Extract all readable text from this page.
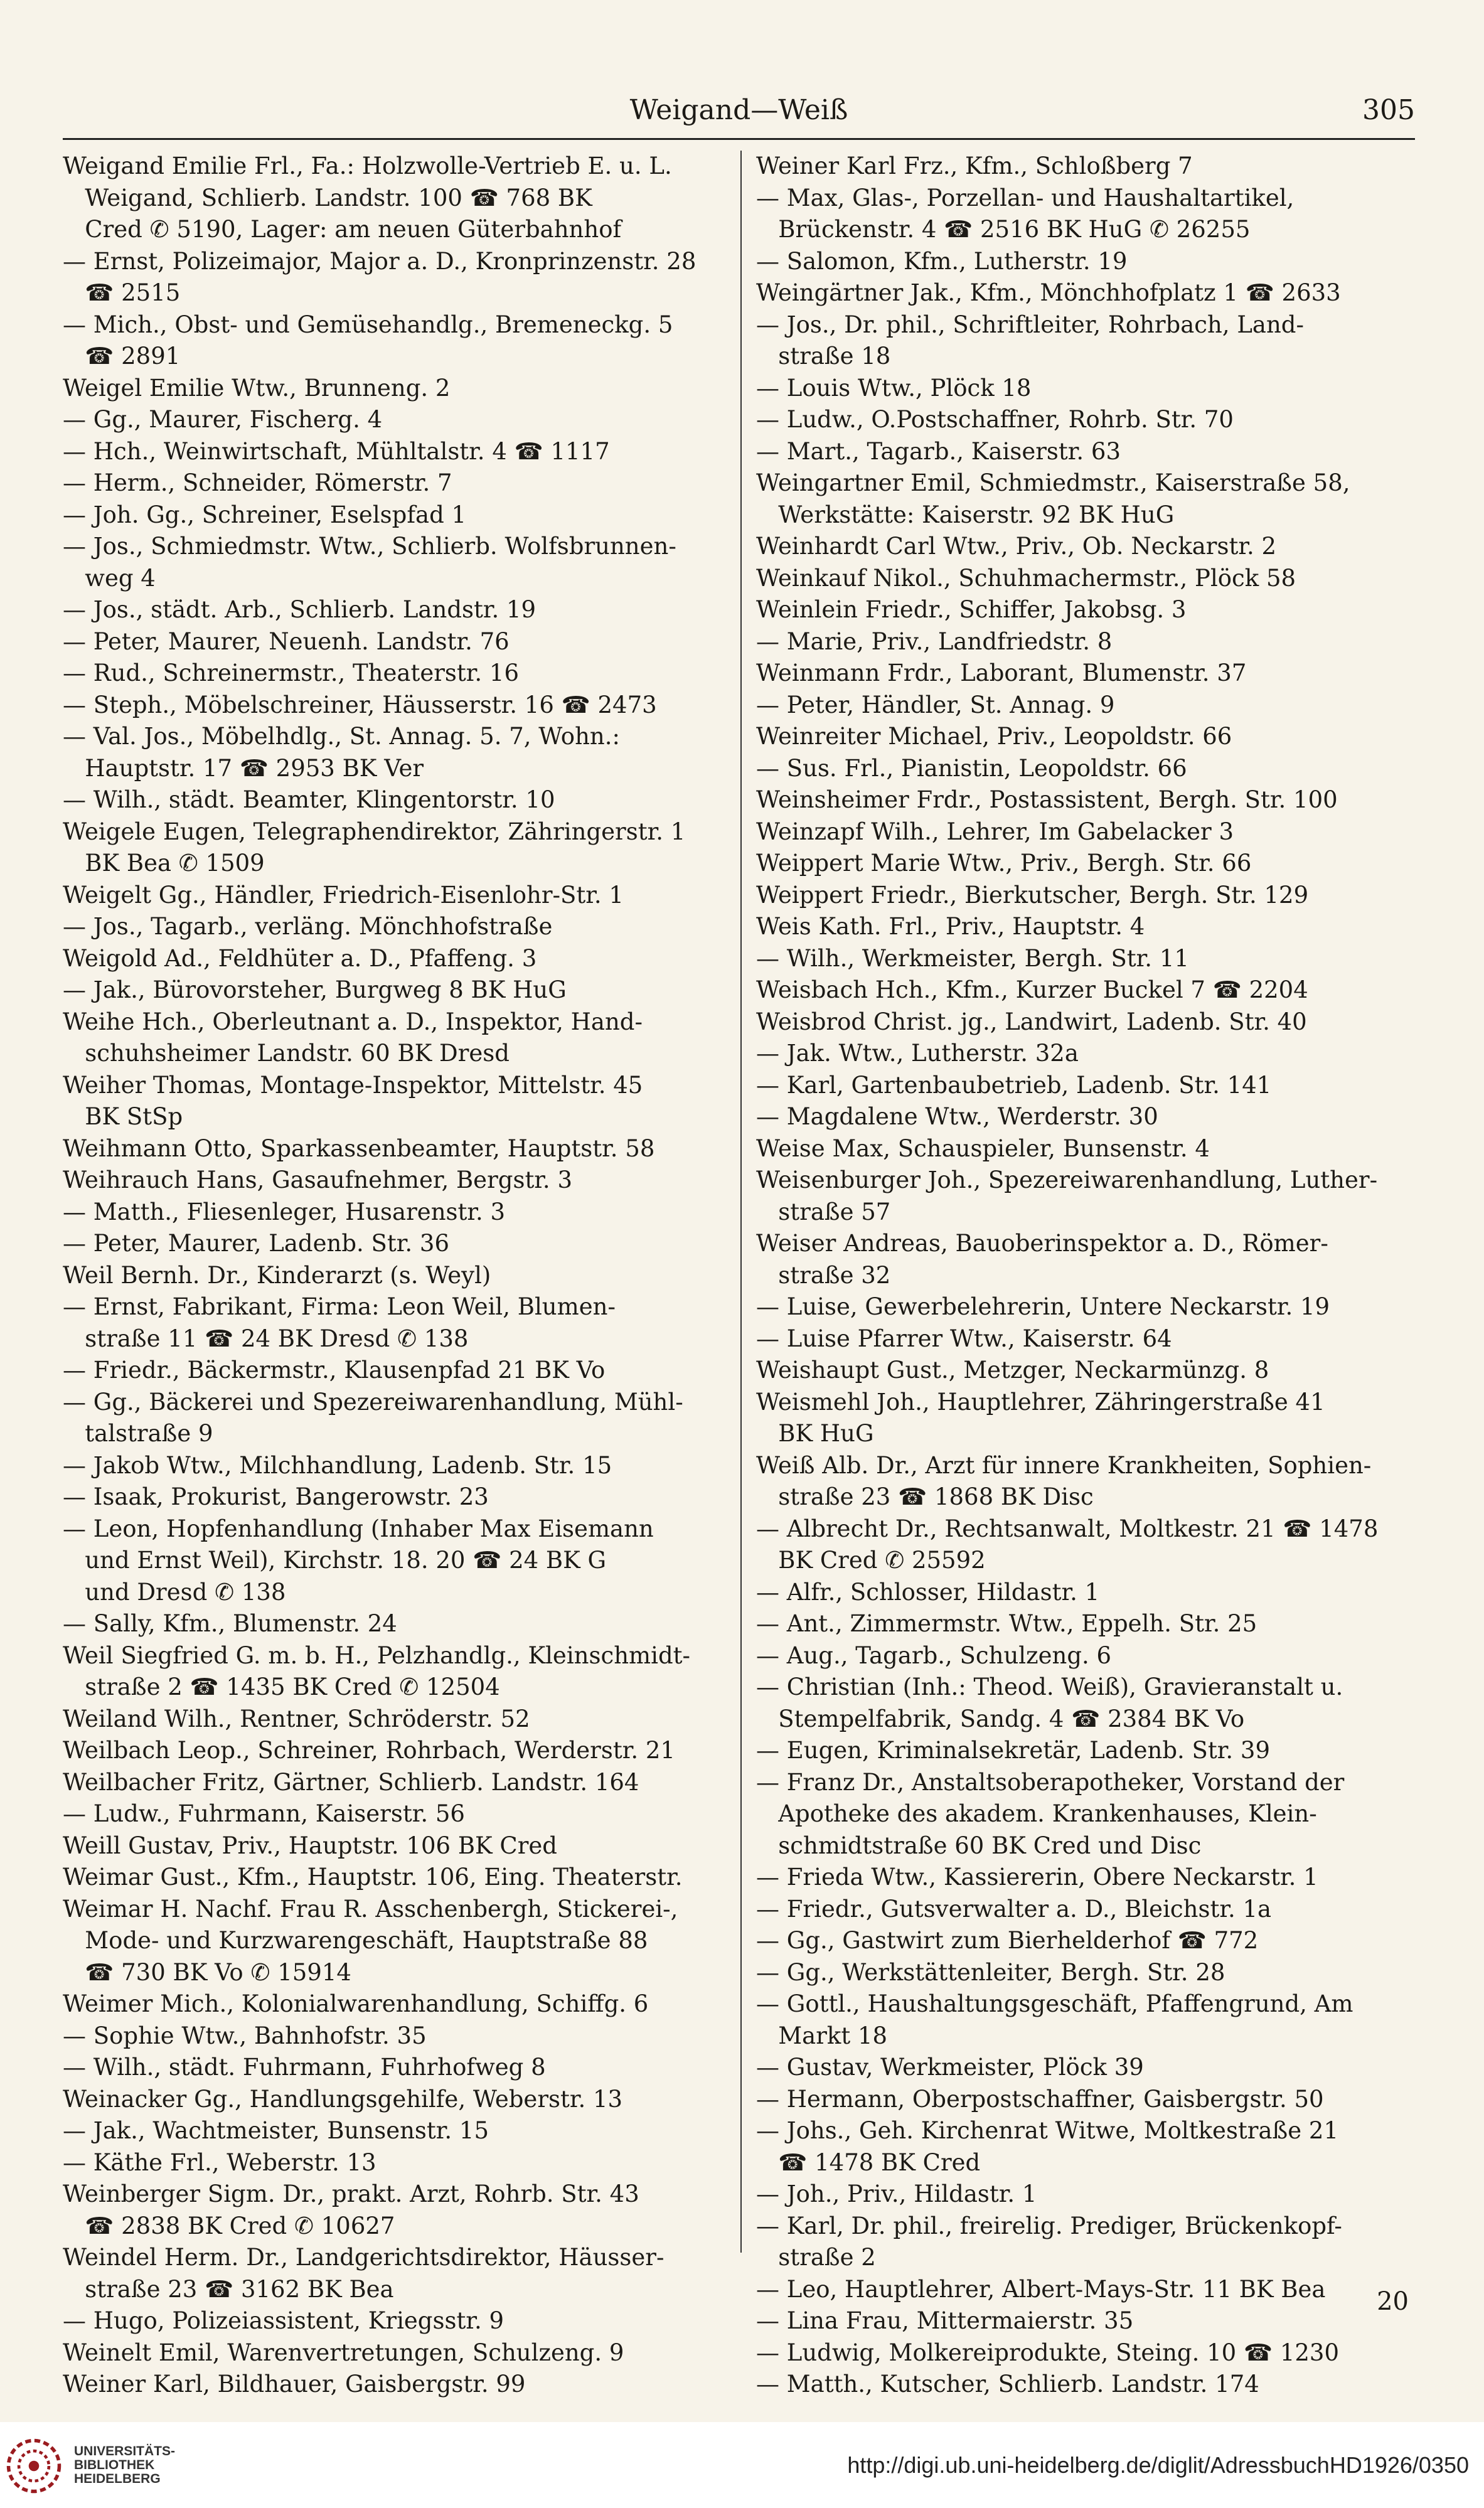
Weigand—Weiß	305
Weigand Emilie Frl., Fa.: Holzwolle-Vertrieb E. u. L.
Weigand, Schlierb. Landstr. 100 ☎ 768 BK
Cred ✆ 5190, Lager: am neuen Güterbahnhof
— Ernst, Polizeimajor, Major a. D., Kronprinzenstr. 28
☎ 2515
— Mich., Obst- und Gemüsehandlg., Bremeneckg. 5
☎ 2891
Weigel Emilie Wtw., Brunneng. 2
— Gg., Maurer, Fischerg. 4
— Hch., Weinwirtschaft, Mühltalstr. 4 ☎ 1117
— Herm., Schneider, Römerstr. 7
— Joh. Gg., Schreiner, Eselspfad 1
— Jos., Schmiedmstr. Wtw., Schlierb. Wolfsbrunnen-
weg 4
— Jos., städt. Arb., Schlierb. Landstr. 19
— Peter, Maurer, Neuenh. Landstr. 76
— Rud., Schreinermstr., Theaterstr. 16
— Steph., Möbelschreiner, Häusserstr. 16 ☎ 2473
— Val. Jos., Möbelhdlg., St. Annag. 5. 7, Wohn.:
Hauptstr. 17 ☎ 2953 BK Ver
— Wilh., städt. Beamter, Klingentorstr. 10
Weigele Eugen, Telegraphendirektor, Zähringerstr. 1
BK Bea ✆ 1509
Weigelt Gg., Händler, Friedrich-Eisenlohr-Str. 1
— Jos., Tagarb., verläng. Mönchhofstraße
Weigold Ad., Feldhüter a. D., Pfaffeng. 3
— Jak., Bürovorsteher, Burgweg 8 BK HuG
Weihe Hch., Oberleutnant a. D., Inspektor, Hand-
schuhsheimer Landstr. 60 BK Dresd
Weiher Thomas, Montage-Inspektor, Mittelstr. 45
BK StSp
Weihmann Otto, Sparkassenbeamter, Hauptstr. 58
Weihrauch Hans, Gasaufnehmer, Bergstr. 3
— Matth., Fliesenleger, Husarenstr. 3
— Peter, Maurer, Ladenb. Str. 36
Weil Bernh. Dr., Kinderarzt (s. Weyl)
— Ernst, Fabrikant, Firma: Leon Weil, Blumen-
straße 11 ☎ 24 BK Dresd ✆ 138
— Friedr., Bäckermstr., Klausenpfad 21 BK Vo
— Gg., Bäckerei und Spezereiwarenhandlung, Mühl-
talstraße 9
— Jakob Wtw., Milchhandlung, Ladenb. Str. 15
— Isaak, Prokurist, Bangerowstr. 23
— Leon, Hopfenhandlung (Inhaber Max Eisemann
und Ernst Weil), Kirchstr. 18. 20 ☎ 24 BK G
und Dresd ✆ 138
— Sally, Kfm., Blumenstr. 24
Weil Siegfried G. m. b. H., Pelzhandlg., Kleinschmidt-
straße 2 ☎ 1435 BK Cred ✆ 12504
Weiland Wilh., Rentner, Schröderstr. 52
Weilbach Leop., Schreiner, Rohrbach, Werderstr. 21
Weilbacher Fritz, Gärtner, Schlierb. Landstr. 164
— Ludw., Fuhrmann, Kaiserstr. 56
Weill Gustav, Priv., Hauptstr. 106 BK Cred
Weimar Gust., Kfm., Hauptstr. 106, Eing. Theaterstr.
Weimar H. Nachf. Frau R. Asschenbergh, Stickerei-,
Mode- und Kurzwarengeschäft, Hauptstraße 88
☎ 730 BK Vo ✆ 15914
Weimer Mich., Kolonialwarenhandlung, Schiffg. 6
— Sophie Wtw., Bahnhofstr. 35
— Wilh., städt. Fuhrmann, Fuhrhofweg 8
Weinacker Gg., Handlungsgehilfe, Weberstr. 13
— Jak., Wachtmeister, Bunsenstr. 15
— Käthe Frl., Weberstr. 13
Weinberger Sigm. Dr., prakt. Arzt, Rohrb. Str. 43
☎ 2838 BK Cred ✆ 10627
Weindel Herm. Dr., Landgerichtsdirektor, Häusser-
straße 23 ☎ 3162 BK Bea
— Hugo, Polizeiassistent, Kriegsstr. 9
Weinelt Emil, Warenvertretungen, Schulzeng. 9
Weiner Karl, Bildhauer, Gaisbergstr. 99
Weiner Karl Frz., Kfm., Schloßberg 7
— Max, Glas-, Porzellan- und Haushaltartikel,
Brückenstr. 4 ☎ 2516 BK HuG ✆ 26255
— Salomon, Kfm., Lutherstr. 19
Weingärtner Jak., Kfm., Mönchhofplatz 1 ☎ 2633
— Jos., Dr. phil., Schriftleiter, Rohrbach, Land-
straße 18
— Louis Wtw., Plöck 18
— Ludw., O.Postschaffner, Rohrb. Str. 70
— Mart., Tagarb., Kaiserstr. 63
Weingartner Emil, Schmiedmstr., Kaiserstraße 58,
Werkstätte: Kaiserstr. 92 BK HuG
Weinhardt Carl Wtw., Priv., Ob. Neckarstr. 2
Weinkauf Nikol., Schuhmachermstr., Plöck 58
Weinlein Friedr., Schiffer, Jakobsg. 3
— Marie, Priv., Landfriedstr. 8
Weinmann Frdr., Laborant, Blumenstr. 37
— Peter, Händler, St. Annag. 9
Weinreiter Michael, Priv., Leopoldstr. 66
— Sus. Frl., Pianistin, Leopoldstr. 66
Weinsheimer Frdr., Postassistent, Bergh. Str. 100
Weinzapf Wilh., Lehrer, Im Gabelacker 3
Weippert Marie Wtw., Priv., Bergh. Str. 66
Weippert Friedr., Bierkutscher, Bergh. Str. 129
Weis Kath. Frl., Priv., Hauptstr. 4
— Wilh., Werkmeister, Bergh. Str. 11
Weisbach Hch., Kfm., Kurzer Buckel 7 ☎ 2204
Weisbrod Christ. jg., Landwirt, Ladenb. Str. 40
— Jak. Wtw., Lutherstr. 32a
— Karl, Gartenbaubetrieb, Ladenb. Str. 141
— Magdalene Wtw., Werderstr. 30
Weise Max, Schauspieler, Bunsenstr. 4
Weisenburger Joh., Spezereiwarenhandlung, Luther-
straße 57
Weiser Andreas, Bauoberinspektor a. D., Römer-
straße 32
— Luise, Gewerbelehrerin, Untere Neckarstr. 19
— Luise Pfarrer Wtw., Kaiserstr. 64
Weishaupt Gust., Metzger, Neckarmünzg. 8
Weismehl Joh., Hauptlehrer, Zähringerstraße 41
BK HuG
Weiß Alb. Dr., Arzt für innere Krankheiten, Sophien-
straße 23 ☎ 1868 BK Disc
— Albrecht Dr., Rechtsanwalt, Moltkestr. 21 ☎ 1478
BK Cred ✆ 25592
— Alfr., Schlosser, Hildastr. 1
— Ant., Zimmermstr. Wtw., Eppelh. Str. 25
— Aug., Tagarb., Schulzeng. 6
— Christian (Inh.: Theod. Weiß), Gravieranstalt u.
Stempelfabrik, Sandg. 4 ☎ 2384 BK Vo
— Eugen, Kriminalsekretär, Ladenb. Str. 39
— Franz Dr., Anstaltsoberapotheker, Vorstand der
Apotheke des akadem. Krankenhauses, Klein-
schmidtstraße 60 BK Cred und Disc
— Frieda Wtw., Kassiererin, Obere Neckarstr. 1
— Friedr., Gutsverwalter a. D., Bleichstr. 1a
— Gg., Gastwirt zum Bierhelderhof ☎ 772
— Gg., Werkstättenleiter, Bergh. Str. 28
— Gottl., Haushaltungsgeschäft, Pfaffengrund, Am
Markt 18
— Gustav, Werkmeister, Plöck 39
— Hermann, Oberpostschaffner, Gaisbergstr. 50
— Johs., Geh. Kirchenrat Witwe, Moltkestraße 21
☎ 1478 BK Cred
— Joh., Priv., Hildastr. 1
— Karl, Dr. phil., freirelig. Prediger, Brückenkopf-
straße 2
— Leo, Hauptlehrer, Albert-Mays-Str. 11 BK Bea
— Lina Frau, Mittermaierstr. 35
— Ludwig, Molkereiprodukte, Steing. 10 ☎ 1230
— Matth., Kutscher, Schlierb. Landstr. 174
20
UNIVERSITÄTS-
BIBLIOTHEK
HEIDELBERG
http://digi.ub.uni-heidelberg.de/diglit/AdressbuchHD1926/0350
